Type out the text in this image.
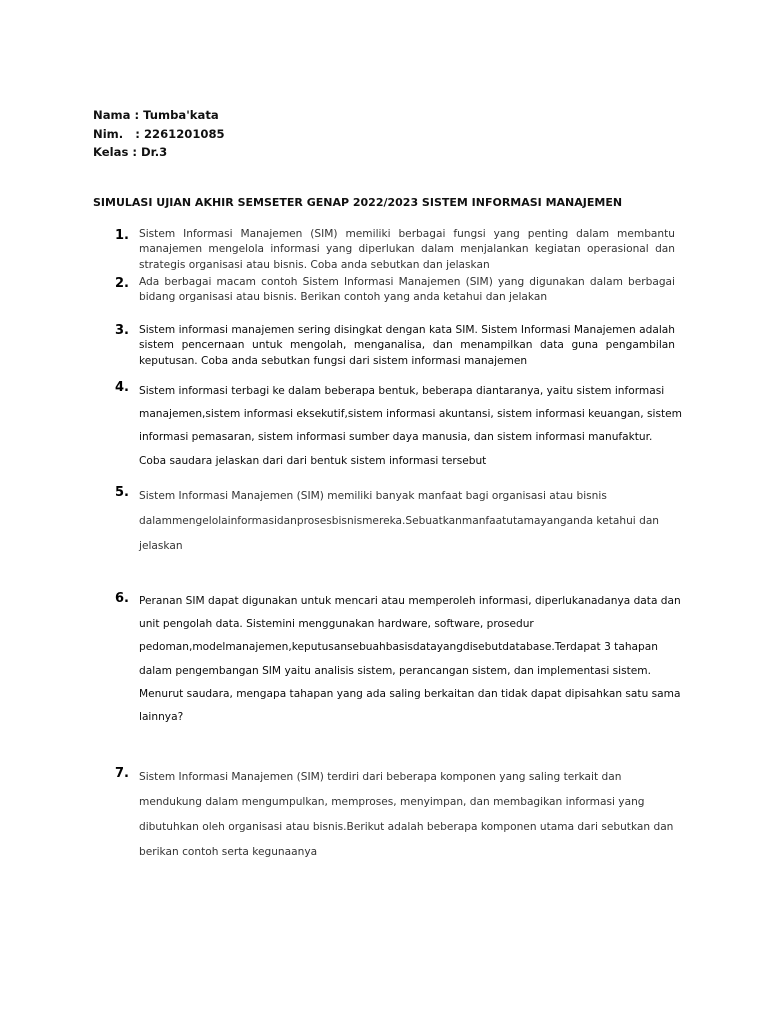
Nama : Tumba'kata
Nim.   : 2261201085
Kelas : Dr.3
SIMULASI UJIAN AKHIR SEMSETER GENAP 2022/2023 SISTEM INFORMASI MANAJEMEN
1. Sistem Informasi Manajemen (SIM) memiliki berbagai fungsi yang penting dalam membantu manajemen mengelola informasi yang diperlukan dalam menjalankan kegiatan operasional dan strategis organisasi atau bisnis. Coba anda sebutkan dan jelaskan
2. Ada berbagai macam contoh Sistem Informasi Manajemen (SIM) yang digunakan dalam berbagai bidang organisasi atau bisnis. Berikan contoh yang anda ketahui dan jelakan
3. Sistem informasi manajemen sering disingkat dengan kata SIM. Sistem Informasi Manajemen adalah sistem pencernaan untuk mengolah, menganalisa, dan menampilkan data guna pengambilan keputusan. Coba anda sebutkan fungsi dari sistem informasi manajemen
4. Sistem informasi terbagi ke dalam beberapa bentuk, beberapa diantaranya, yaitu sistem informasi
manajemen,sistem informasi eksekutif,sistem informasi akuntansi, sistem informasi keuangan, sistem
informasi pemasaran, sistem informasi sumber daya manusia, dan sistem informasi manufaktur.
Coba saudara jelaskan dari dari bentuk sistem informasi tersebut
5. Sistem Informasi Manajemen (SIM) memiliki banyak manfaat bagi organisasi atau bisnis
dalammengelolainformasidanprosesbisnismereka.Sebuatkanmanfaatutamayanganda ketahui dan
jelaskan
6. Peranan SIM dapat digunakan untuk mencari atau memperoleh informasi, diperlukanadanya data dan
unit pengolah data. Sistemini menggunakan hardware, software, prosedur
pedoman,modelmanajemen,keputusansebuahbasisdatayangdisebutdatabase.Terdapat 3 tahapan
dalam pengembangan SIM yaitu analisis sistem, perancangan sistem, dan implementasi sistem.
Menurut saudara, mengapa tahapan yang ada saling berkaitan dan tidak dapat dipisahkan satu sama
lainnya?
7. Sistem Informasi Manajemen (SIM) terdiri dari beberapa komponen yang saling terkait dan
mendukung dalam mengumpulkan, memproses, menyimpan, dan membagikan informasi yang
dibutuhkan oleh organisasi atau bisnis.Berikut adalah beberapa komponen utama dari sebutkan dan
berikan contoh serta kegunaanya
